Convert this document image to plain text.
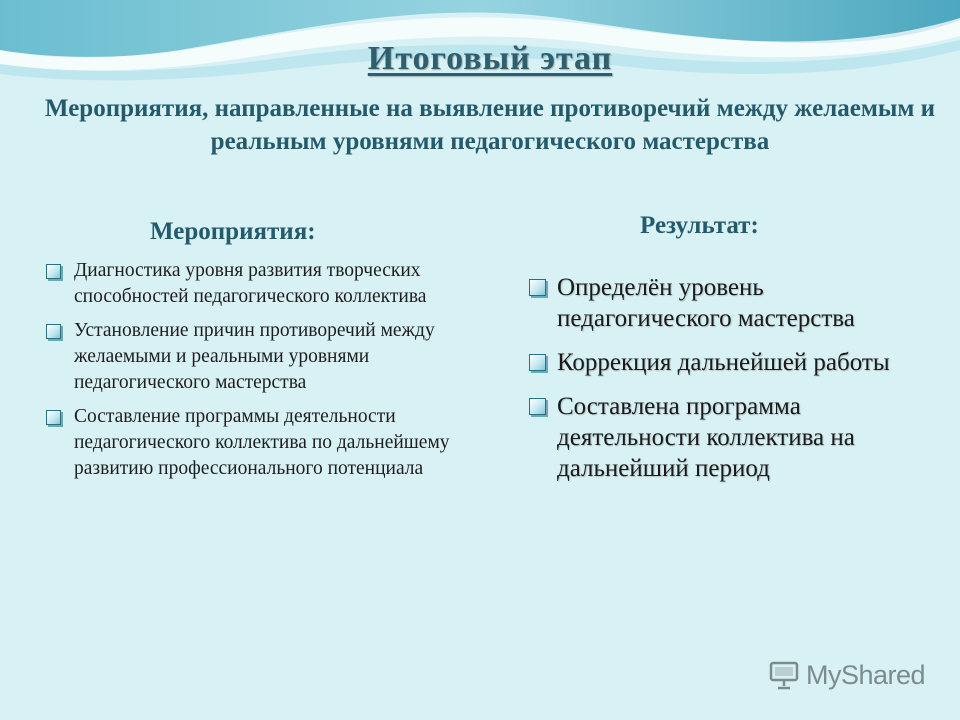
Итоговый этап
Мероприятия, направленные на выявление противоречий между желаемым и реальным уровнями педагогического мастерства
Мероприятия:	Результат:
Диагностика уровня развития творческих способностей педагогического коллектива
Установление причин противоречий между желаемыми и реальными уровнями педагогического мастерства
Составление программы деятельности педагогического коллектива по дальнейшему развитию профессионального потенциала
Определён уровень педагогического мастерства
Коррекция дальнейшей работы
Составлена программа деятельности коллектива на дальнейший период
MyShared
